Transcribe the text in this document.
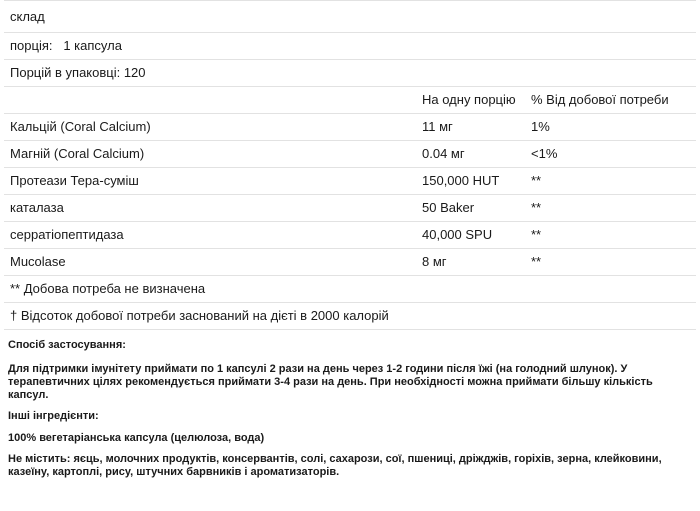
склад		
порція: 1 капсула		
Порцій в упаковці: 120		
	На одну порцію	% Від добової потреби
Кальцій (Coral Calcium)	11 мг	1%
Магній (Coral Calcium)	0.04 мг	<1%
Протеази Тера-суміш	150,000 HUT	**
каталаза	50 Baker	**
серратіопептидаза	40,000 SPU	**
Mucolase	8 мг	**
** Добова потреба не визначена		
† Відсоток добової потреби заснований на дієті в 2000 калорій		

Спосіб застосування:

Для підтримки імунітету приймати по 1 капсулі 2 рази на день через 1-2 години після їжі (на голодний шлунок). У терапевтичних цілях рекомендується приймати 3-4 рази на день. При необхідності можна приймати більшу кількість капсул.

Інші інгредієнти:

100% вегетаріанська капсула (целюлоза, вода)

Не містить: яєць, молочних продуктів, консервантів, солі, сахарози, сої, пшениці, дріжджів, горіхів, зерна, клейковини, казеїну, картоплі, рису, штучних барвників і ароматизаторів.
